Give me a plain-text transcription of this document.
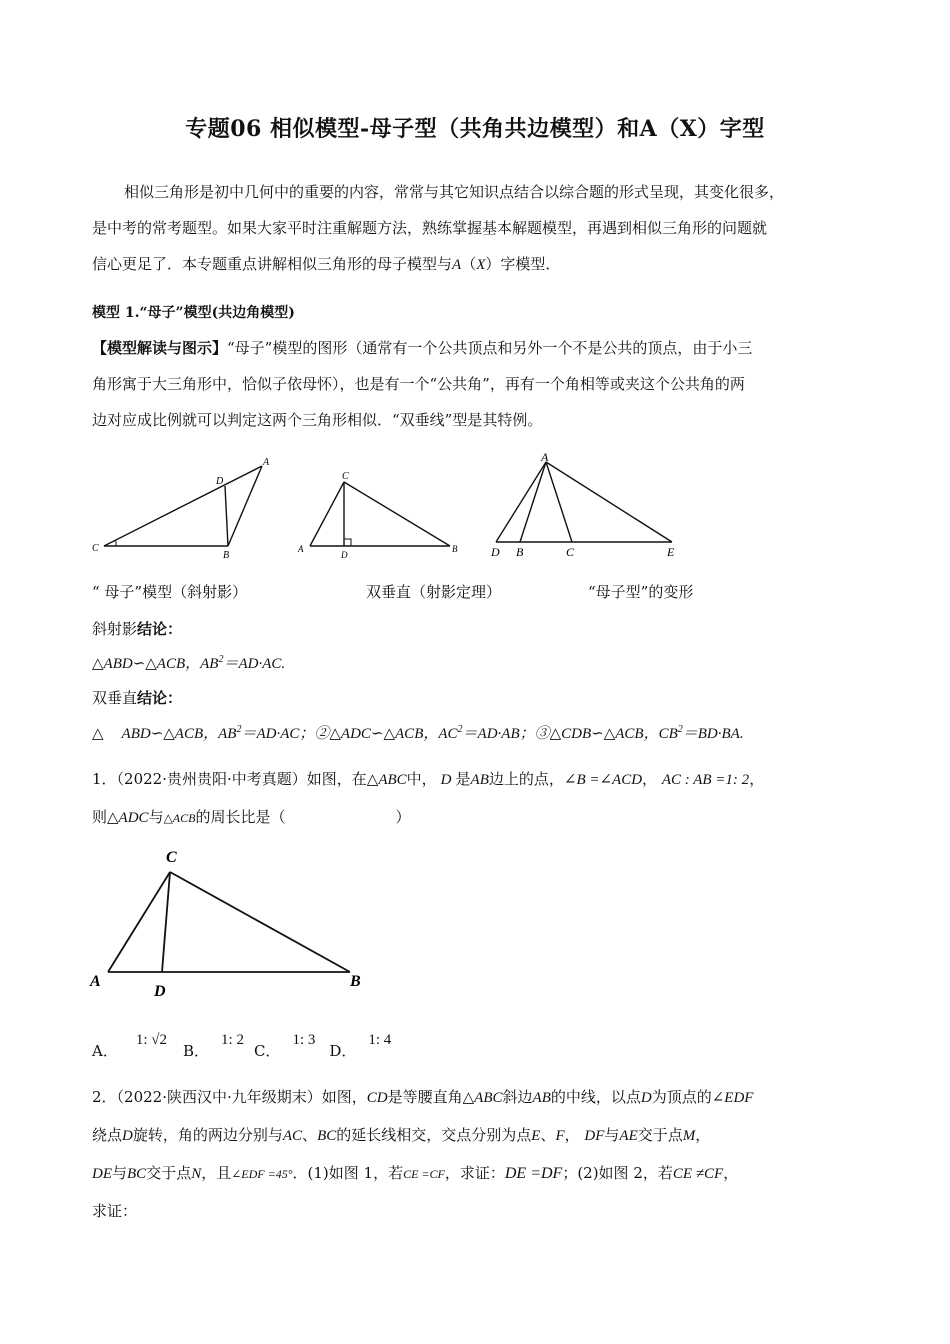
专题06 相似模型-母子型（共角共边模型）和A（X）字型
相似三角形是初中几何中的重要的内容，常常与其它知识点结合以综合题的形式呈现，其变化很多，
是中考的常考题型。如果大家平时注重解题方法，熟练掌握基本解题模型，再遇到相似三角形的问题就
信心更足了．本专题重点讲解相似三角形的母子模型与A（X）字模型．
模型 1.“母子”模型(共边角模型)
【模型解读与图示】“母子”模型的图形（通常有一个公共顶点和另外一个不是公共的顶点，由于小三
角形寓于大三角形中，恰似子依母怀），也是有一个“公共角”，再有一个角相等或夹这个公共角的两
边对应成比例就可以判定这两个三角形相似．“双垂线”型是其特例。
A
D
C
B
C
A
D
B
A
D B	C	E
“ 母子”模型（斜射影）	双垂直（射影定理）	“母子型”的变形
斜射影结论：
△ABD∽△ACB，$AB^2=AD\cdot AC$.
双垂直结论：
△ ABD∽△ACB，$AB^2=AD\cdot AC$；②△ADC∽△ACB，$AC^2=AD\cdot AB$；③△CDB∽△ACB，$CB^2=BD\cdot BA$.
1．（2022·贵州贵阳·中考真题）如图，在△ABC中， D 是AB边上的点，∠B =∠ACD， AC : AB =1: 2，
则△ADC与△ACB的周长比是（	）
C
A
D
B
A．1: √2B．1: 2C．1: 3D．1: 4
2．（2022·陕西汉中·九年级期末）如图，CD是等腰直角△ABC斜边AB的中线，以点D为顶点的∠EDF
绕点D旋转，角的两边分别与AC、BC的延长线相交，交点分别为点E、F， DF与AE交于点M，
DE与BC交于点N，且∠EDF =45°．(1)如图 1，若CE =CF，求证：DE =DF；(2)如图 2，若CE ≠CF，
求证：
